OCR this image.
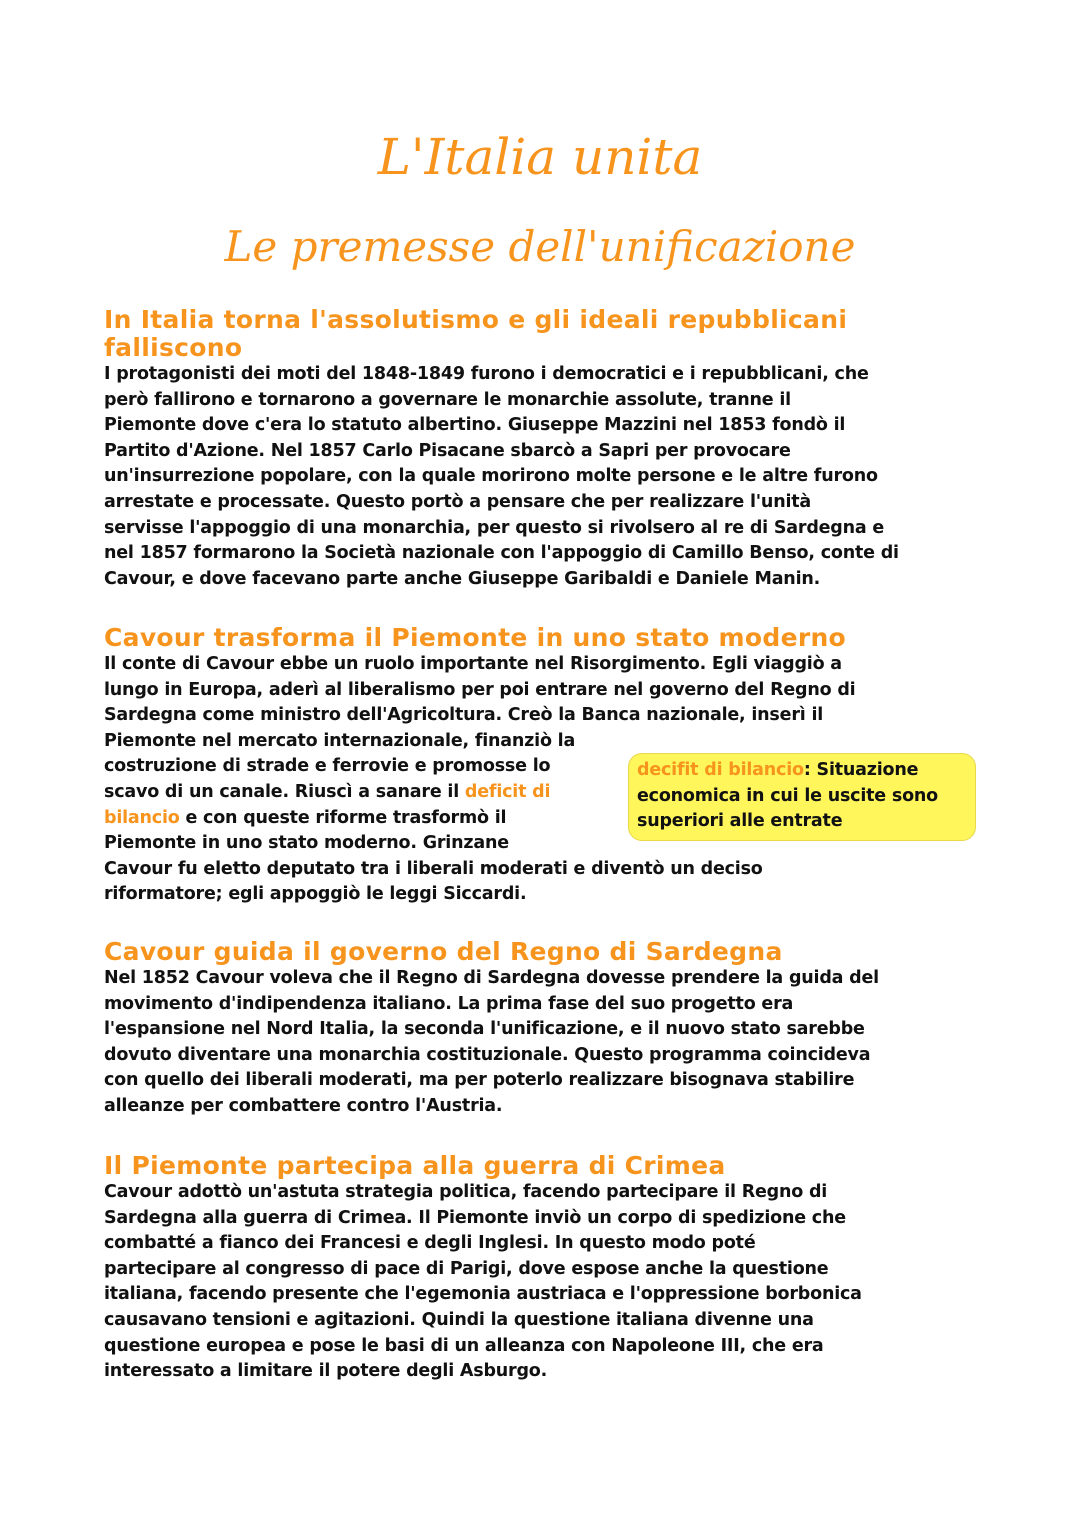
L'Italia unita
Le premesse dell'unificazione
In Italia torna l'assolutismo e gli ideali repubblicani
falliscono
I protagonisti dei moti del 1848-1849 furono i democratici e i repubblicani, che
però fallirono e tornarono a governare le monarchie assolute, tranne il
Piemonte dove c'era lo statuto albertino. Giuseppe Mazzini nel 1853 fondò il
Partito d'Azione. Nel 1857 Carlo Pisacane sbarcò a Sapri per provocare
un'insurrezione popolare, con la quale morirono molte persone e le altre furono
arrestate e processate. Questo portò a pensare che per realizzare l'unità
servisse l'appoggio di una monarchia, per questo si rivolsero al re di Sardegna e
nel 1857 formarono la Società nazionale con l'appoggio di Camillo Benso, conte di
Cavour, e dove facevano parte anche Giuseppe Garibaldi e Daniele Manin.
Cavour trasforma il Piemonte in uno stato moderno
Il conte di Cavour ebbe un ruolo importante nel Risorgimento. Egli viaggiò a
lungo in Europa, aderì al liberalismo per poi entrare nel governo del Regno di
Sardegna come ministro dell'Agricoltura. Creò la Banca nazionale, inserì il
Piemonte nel mercato internazionale, finanziò la
costruzione di strade e ferrovie e promosse lo
scavo di un canale. Riuscì a sanare il deficit di
bilancio e con queste riforme trasformò il
Piemonte in uno stato moderno. Grinzane
Cavour fu eletto deputato tra i liberali moderati e diventò un deciso
riformatore; egli appoggiò le leggi Siccardi.
decifit di bilancio: Situazione
economica in cui le uscite sono
superiori alle entrate
Cavour guida il governo del Regno di Sardegna
Nel 1852 Cavour voleva che il Regno di Sardegna dovesse prendere la guida del
movimento d'indipendenza italiano. La prima fase del suo progetto era
l'espansione nel Nord Italia, la seconda l'unificazione, e il nuovo stato sarebbe
dovuto diventare una monarchia costituzionale. Questo programma coincideva
con quello dei liberali moderati, ma per poterlo realizzare bisognava stabilire
alleanze per combattere contro l'Austria.
Il Piemonte partecipa alla guerra di Crimea
Cavour adottò un'astuta strategia politica, facendo partecipare il Regno di
Sardegna alla guerra di Crimea. Il Piemonte inviò un corpo di spedizione che
combatté a fianco dei Francesi e degli Inglesi. In questo modo poté
partecipare al congresso di pace di Parigi, dove espose anche la questione
italiana, facendo presente che l'egemonia austriaca e l'oppressione borbonica
causavano tensioni e agitazioni. Quindi la questione italiana divenne una
questione europea e pose le basi di un alleanza con Napoleone III, che era
interessato a limitare il potere degli Asburgo.
